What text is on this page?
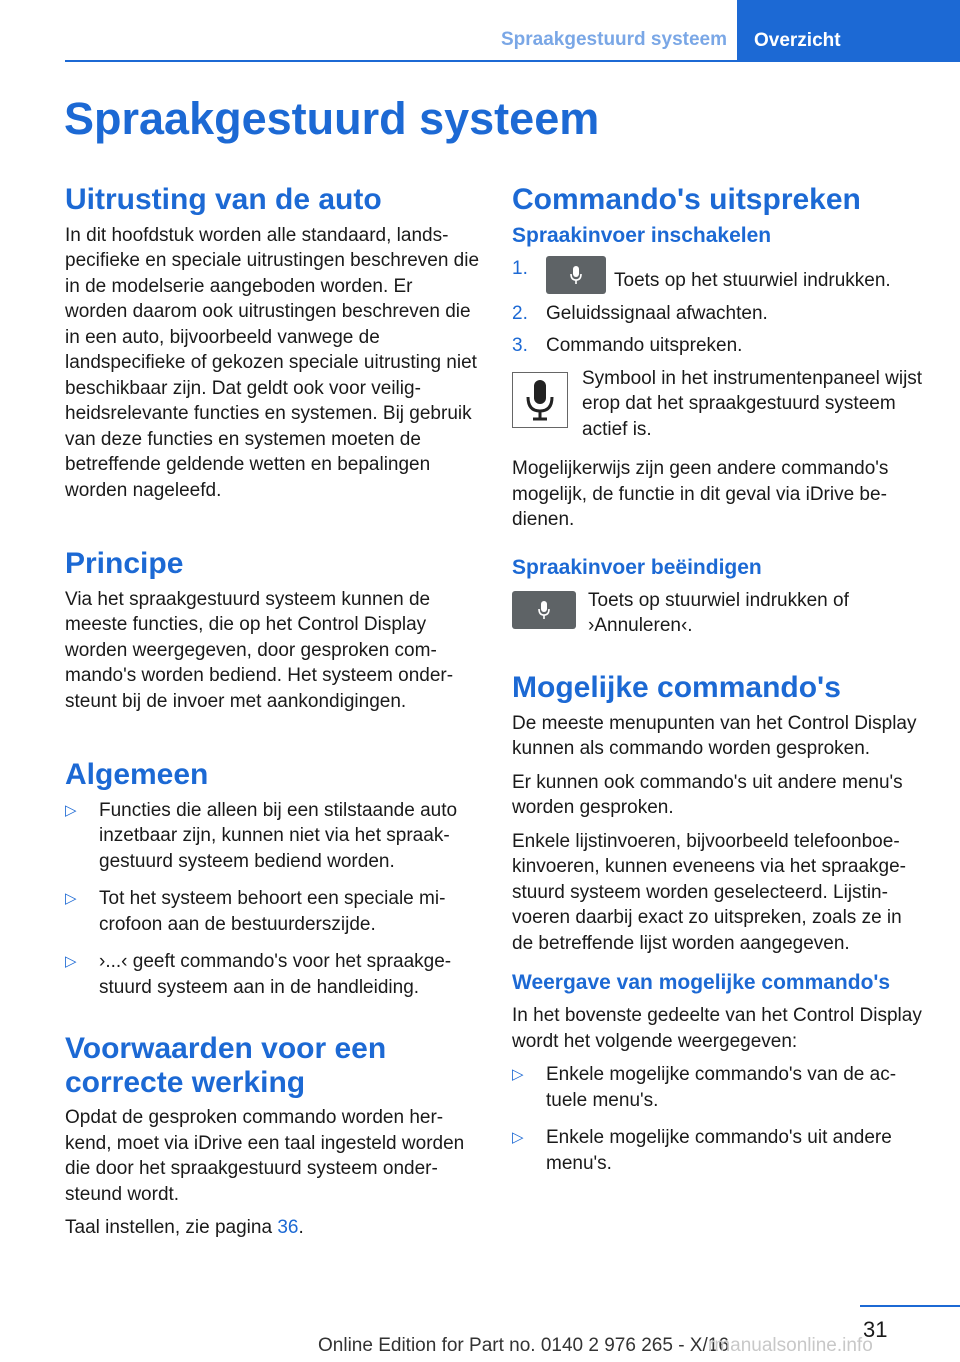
Spraakgestuurd systeem	Overzicht
Spraakgestuurd systeem
Uitrusting van de auto

In dit hoofdstuk worden alle standaard, landspecifieke en speciale uitrustingen beschreven die in de modelserie aangeboden worden. Er worden daarom ook uitrustingen beschreven die in een auto, bijvoorbeeld vanwege de landspecifieke of gekozen speciale uitrusting niet beschikbaar zijn. Dat geldt ook voor veiligheidsrelevante functies en systemen. Bij gebruik van deze functies en systemen moeten de betreffende geldende wetten en bepalingen worden nageleefd.

Principe

Via het spraakgestuurd systeem kunnen de meeste functies, die op het Control Display worden weergegeven, door gesproken commando's worden bediend. Het systeem ondersteunt bij de invoer met aankondigingen.

Algemeen
▷ Functies die alleen bij een stilstaande auto inzetbaar zijn, kunnen niet via het spraakgestuurd systeem bediend worden.
▷ Tot het systeem behoort een speciale microfoon aan de bestuurderszijde.
▷ ›...‹ geeft commando's voor het spraakgestuurd systeem aan in de handleiding.
Voorwaarden voor een correcte werking

Opdat de gesproken commando worden herkend, moet via iDrive een taal ingesteld worden die door het spraakgestuurd systeem ondersteund wordt.

Taal instellen, zie pagina 36.

Commando's uitspreken
Spraakinvoer inschakelen
1.
Toets op het stuurwiel indrukken.
2. Geluidssignaal afwachten.
3. Commando uitspreken.
Symbool in het instrumentenpaneel wijst erop dat het spraakgestuurd systeem actief is.

Mogelijkerwijs zijn geen andere commando's mogelijk, de functie in dit geval via iDrive bedienen.

Spraakinvoer beëindigen
Toets op stuurwiel indrukken of ›Annuleren‹.
Mogelijke commando's

De meeste menupunten van het Control Display kunnen als commando worden gesproken.

Er kunnen ook commando's uit andere menu's worden gesproken.

Enkele lijstinvoeren, bijvoorbeeld telefoonboekinvoeren, kunnen eveneens via het spraakgestuurd systeem worden geselecteerd. Lijstinvoeren daarbij exact zo uitspreken, zoals ze in de betreffende lijst worden aangegeven.

Weergave van mogelijke commando's

In het bovenste gedeelte van het Control Display wordt het volgende weergegeven:

▷ Enkele mogelijke commando's van de actuele menu's.
▷ Enkele mogelijke commando's uit andere menu's.
31
Online Edition for Part no. 0140 2 976 265 - X/16
rmanualsonline.info
